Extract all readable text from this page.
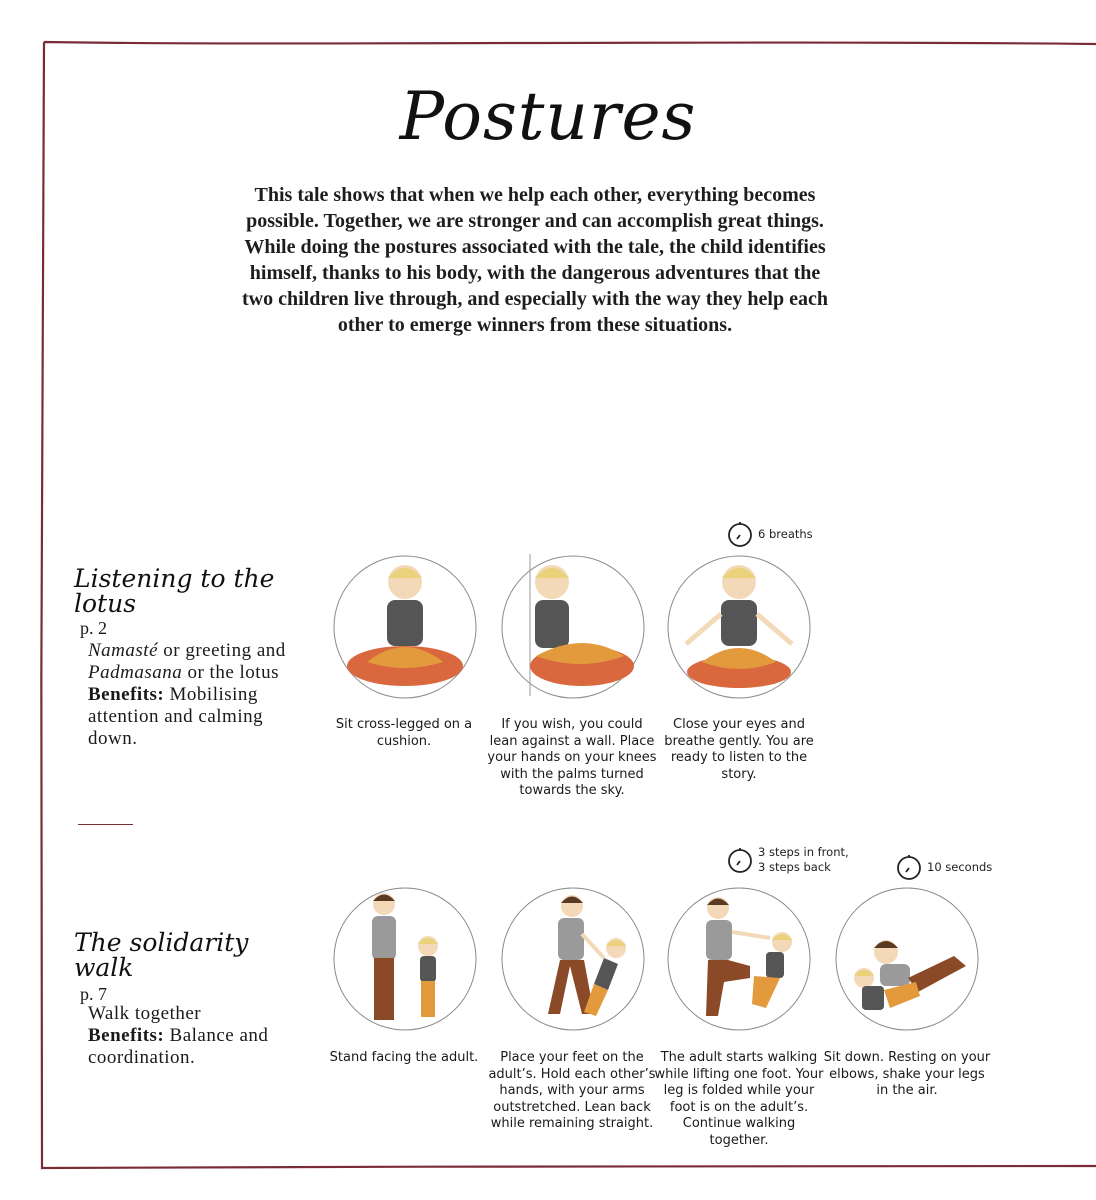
Postures
This tale shows that when we help each other, everything becomes possible. Together, we are stronger and can accomplish great things. While doing the postures associated with the tale, the child identifies himself, thanks to his body, with the dangerous adventures that the two children live through, and especially with the way they help each other to emerge winners from these situations.
Listening to the
lotus
p. 2
Namasté or greeting and Padmasana or the lotus
Benefits: Mobilising attention and calming down.
6 breaths
Sit cross-legged on a cushion.
If you wish, you could lean against a wall. Place your hands on your knees with the palms turned towards the sky.
Close your eyes and breathe gently. You are ready to listen to the story.
The solidarity
walk
p. 7
Walk together
Benefits: Balance and coordination.
3 steps in front,
3 steps back	10 seconds
Stand facing the adult.	Place your feet on the adult’s. Hold each other’s hands, with your arms outstretched. Lean back while remaining straight.
The adult starts walking while lifting one foot. Your leg is folded while your foot is on the adult’s. Continue walking together.
Sit down. Resting on your elbows, shake your legs in the air.
